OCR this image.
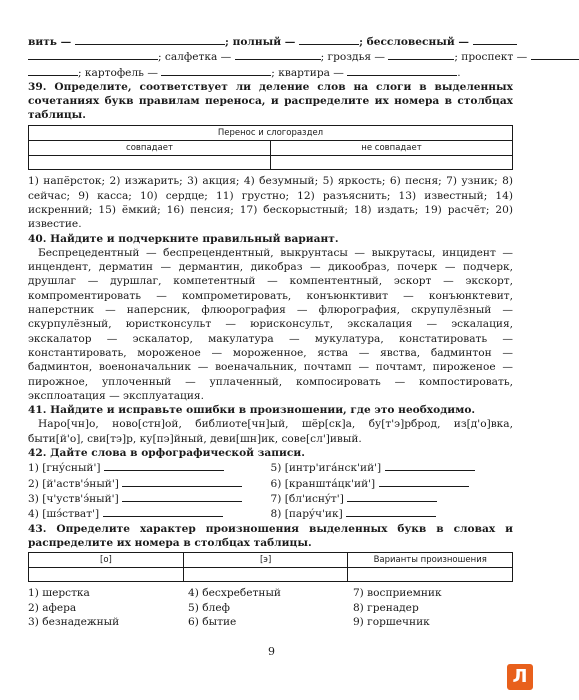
вить —	; полный —	; бессловесный —
; салфетка —	; гроздья —	; проспект —
; картофель —	; квартира —	.
39. Определите, соответствует ли деление слов на слоги в выделенных сочетаниях букв правилам переноса, и распределите их номера в столбцах таблицы.
Перенос и слогораздел	
совпадает	не совпадает

1) напёрсток; 2) изжарить; 3) акция; 4) безумный; 5) яркость; 6) песня; 7) узник; 8) сейчас; 9) касса; 10) сердце; 11) грустно; 12) разъяснить; 13) известный; 14) искренний; 15) ёмкий; 16) пенсия; 17) бескорыстный; 18) издать; 19) расчёт; 20) известие.
40. Найдите и подчеркните правильный вариант.
Беспрецедентный — беспрецендентный, выкрунтасы — выкрутасы, инцидент — инцендент, дерматин — дермантин, дикобраз — дикообраз, почерк — подчерк, друшлаг — дуршлаг, компетентный — компентентный, эскорт — экскорт, компроментировать — компрометировать, конъюнктивит — конъюнктевит, наперстник — наперсник, флюорография — флюрография, скрупулёзный — скурпулёзный, юристконсульт — юрисконсульт, экскалация — эскалация, экскалатор — эскалатор, макулатура — мукулатура, констатировать — константировать, мороженое — мороженное, яства — явства, бадминтон — бадминтон, военоначальник — военачальник, почтамп — почтамт, пироженое — пирожное, уплоченный — уплаченный, компосировать — компостировать, эксплоатация — эксплуатация.
41. Найдите и исправьте ошибки в произношении, где это необходимо.
Наро[чн]о, ново[стн]ой, библиоте[чн]ый, шёр[ск]а, бу[т'э]рброд, из[д'о]вка, быти[й'о], сви[тэ]р, ку[пэ]йный, деви[шн]ик, сове[сл']ивый.
42. Дайте слова в орфографической записи.
1) [гнýсный']	5) [интр'игáнск'ий']
2) [й'аств'э́ный']	6) [кранштáцк'ий']
3) [ч'уств'э́ный']	7) [бл'иснýт']
4) [шэ́стват']	8) [парýч'ик]
43. Определите характер произношения выделенных букв в словах и распределите их номера в столбцах таблицы.
[о]	[э]	Варианты произношения

1) шерстка	4) бесхребетный	7) восприемник
2) афера	5) блеф	8) гренадер
3) безнадежный	6) бытие	9) горшечник
9
Л
